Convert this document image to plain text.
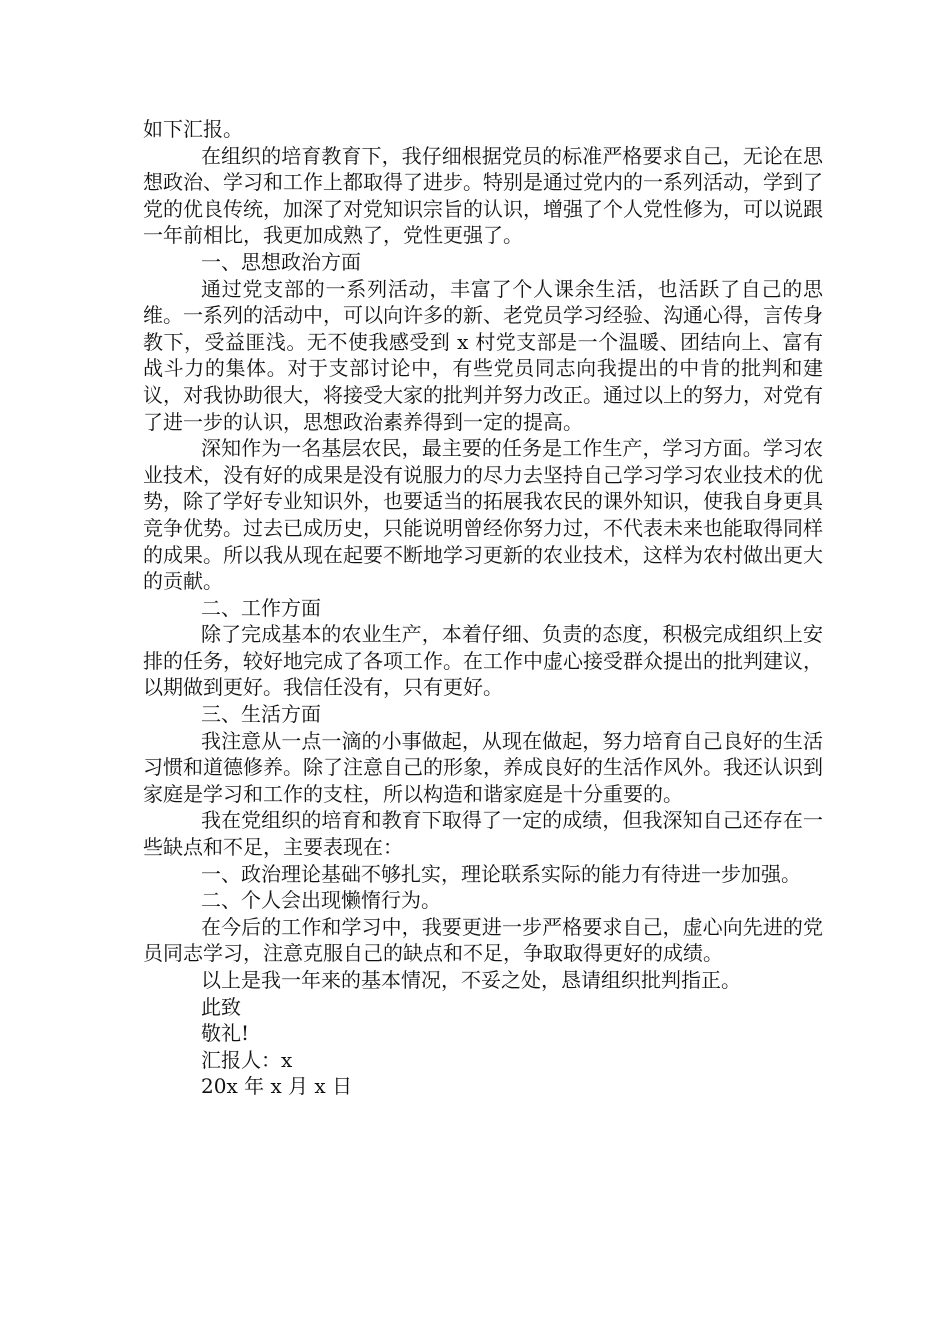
如下汇报。

在组织的培育教育下，我仔细根据党员的标准严格要求自己，无论在思想政治、学习和工作上都取得了进步。特别是通过党内的一系列活动，学到了党的优良传统，加深了对党知识宗旨的认识，增强了个人党性修为，可以说跟一年前相比，我更加成熟了，党性更强了。

一、思想政治方面

通过党支部的一系列活动，丰富了个人课余生活，也活跃了自己的思维。一系列的活动中，可以向许多的新、老党员学习经验、沟通心得，言传身教下，受益匪浅。无不使我感受到 x 村党支部是一个温暖、团结向上、富有战斗力的集体。对于支部讨论中，有些党员同志向我提出的中肯的批判和建议，对我协助很大，将接受大家的批判并努力改正。通过以上的努力，对党有了进一步的认识，思想政治素养得到一定的提高。

深知作为一名基层农民，最主要的任务是工作生产，学习方面。学习农业技术，没有好的成果是没有说服力的尽力去坚持自己学习学习农业技术的优势，除了学好专业知识外，也要适当的拓展我农民的课外知识，使我自身更具竞争优势。过去已成历史，只能说明曾经你努力过，不代表未来也能取得同样的成果。所以我从现在起要不断地学习更新的农业技术，这样为农村做出更大的贡献。

二、工作方面

除了完成基本的农业生产，本着仔细、负责的态度，积极完成组织上安排的任务，较好地完成了各项工作。在工作中虚心接受群众提出的批判建议，以期做到更好。我信任没有，只有更好。

三、生活方面

我注意从一点一滴的小事做起，从现在做起，努力培育自己良好的生活习惯和道德修养。除了注意自己的形象，养成良好的生活作风外。我还认识到家庭是学习和工作的支柱，所以构造和谐家庭是十分重要的。

我在党组织的培育和教育下取得了一定的成绩，但我深知自己还存在一些缺点和不足，主要表现在：

一、政治理论基础不够扎实，理论联系实际的能力有待进一步加强。

二、个人会出现懒惰行为。

在今后的工作和学习中，我要更进一步严格要求自己，虚心向先进的党员同志学习，注意克服自己的缺点和不足，争取取得更好的成绩。

以上是我一年来的基本情况，不妥之处，恳请组织批判指正。

此致

敬礼!

汇报人：x

20x 年 x 月 x 日
